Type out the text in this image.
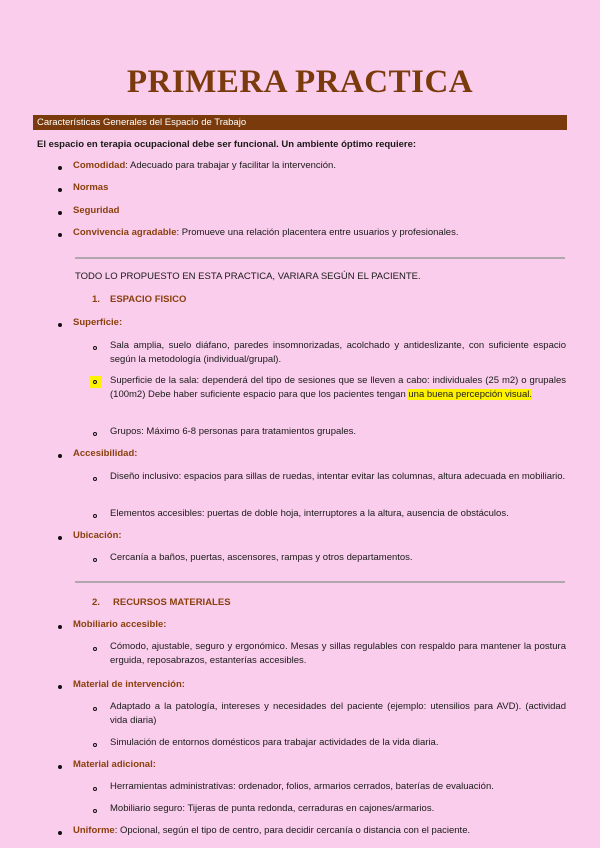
PRIMERA PRACTICA
Características Generales del Espacio de Trabajo
El espacio en terapia ocupacional debe ser funcional. Un ambiente óptimo requiere:
Comodidad: Adecuado para trabajar y facilitar la intervención.
Normas
Seguridad
Convivencia agradable: Promueve una relación placentera entre usuarios y profesionales.
TODO LO PROPUESTO EN ESTA PRACTICA, VARIARA SEGÚN EL PACIENTE.
1. ESPACIO FISICO
Superficie:
Sala amplia, suelo diáfano, paredes insomnorizadas, acolchado y antideslizante, con suficiente espacio según la metodología (individual/grupal).
Superficie de la sala: dependerá del tipo de sesiones que se lleven a cabo: individuales (25 m2) o grupales (100m2) Debe haber suficiente espacio para que los pacientes tengan una buena percepción visual.
Grupos: Máximo 6-8 personas para tratamientos grupales.
Accesibilidad:
Diseño inclusivo: espacios para sillas de ruedas, intentar evitar las columnas, altura adecuada en mobiliario.
Elementos accesibles: puertas de doble hoja, interruptores a la altura, ausencia de obstáculos.
Ubicación:
Cercanía a baños, puertas, ascensores, rampas y otros departamentos.
2. RECURSOS MATERIALES
Mobiliario accesible:
Cómodo, ajustable, seguro y ergonómico. Mesas y sillas regulables con respaldo para mantener la postura erguida, reposabrazos, estanterías accesibles.
Material de intervención:
Adaptado a la patología, intereses y necesidades del paciente (ejemplo: utensilios para AVD). (actividad vida diaria)
Simulación de entornos domésticos para trabajar actividades de la vida diaria.
Material adicional:
Herramientas administrativas: ordenador, folios, armarios cerrados, baterías de evaluación.
Mobiliario seguro: Tijeras de punta redonda, cerraduras en cajones/armarios.
Uniforme: Opcional, según el tipo de centro, para decidir cercanía o distancia con el paciente.
